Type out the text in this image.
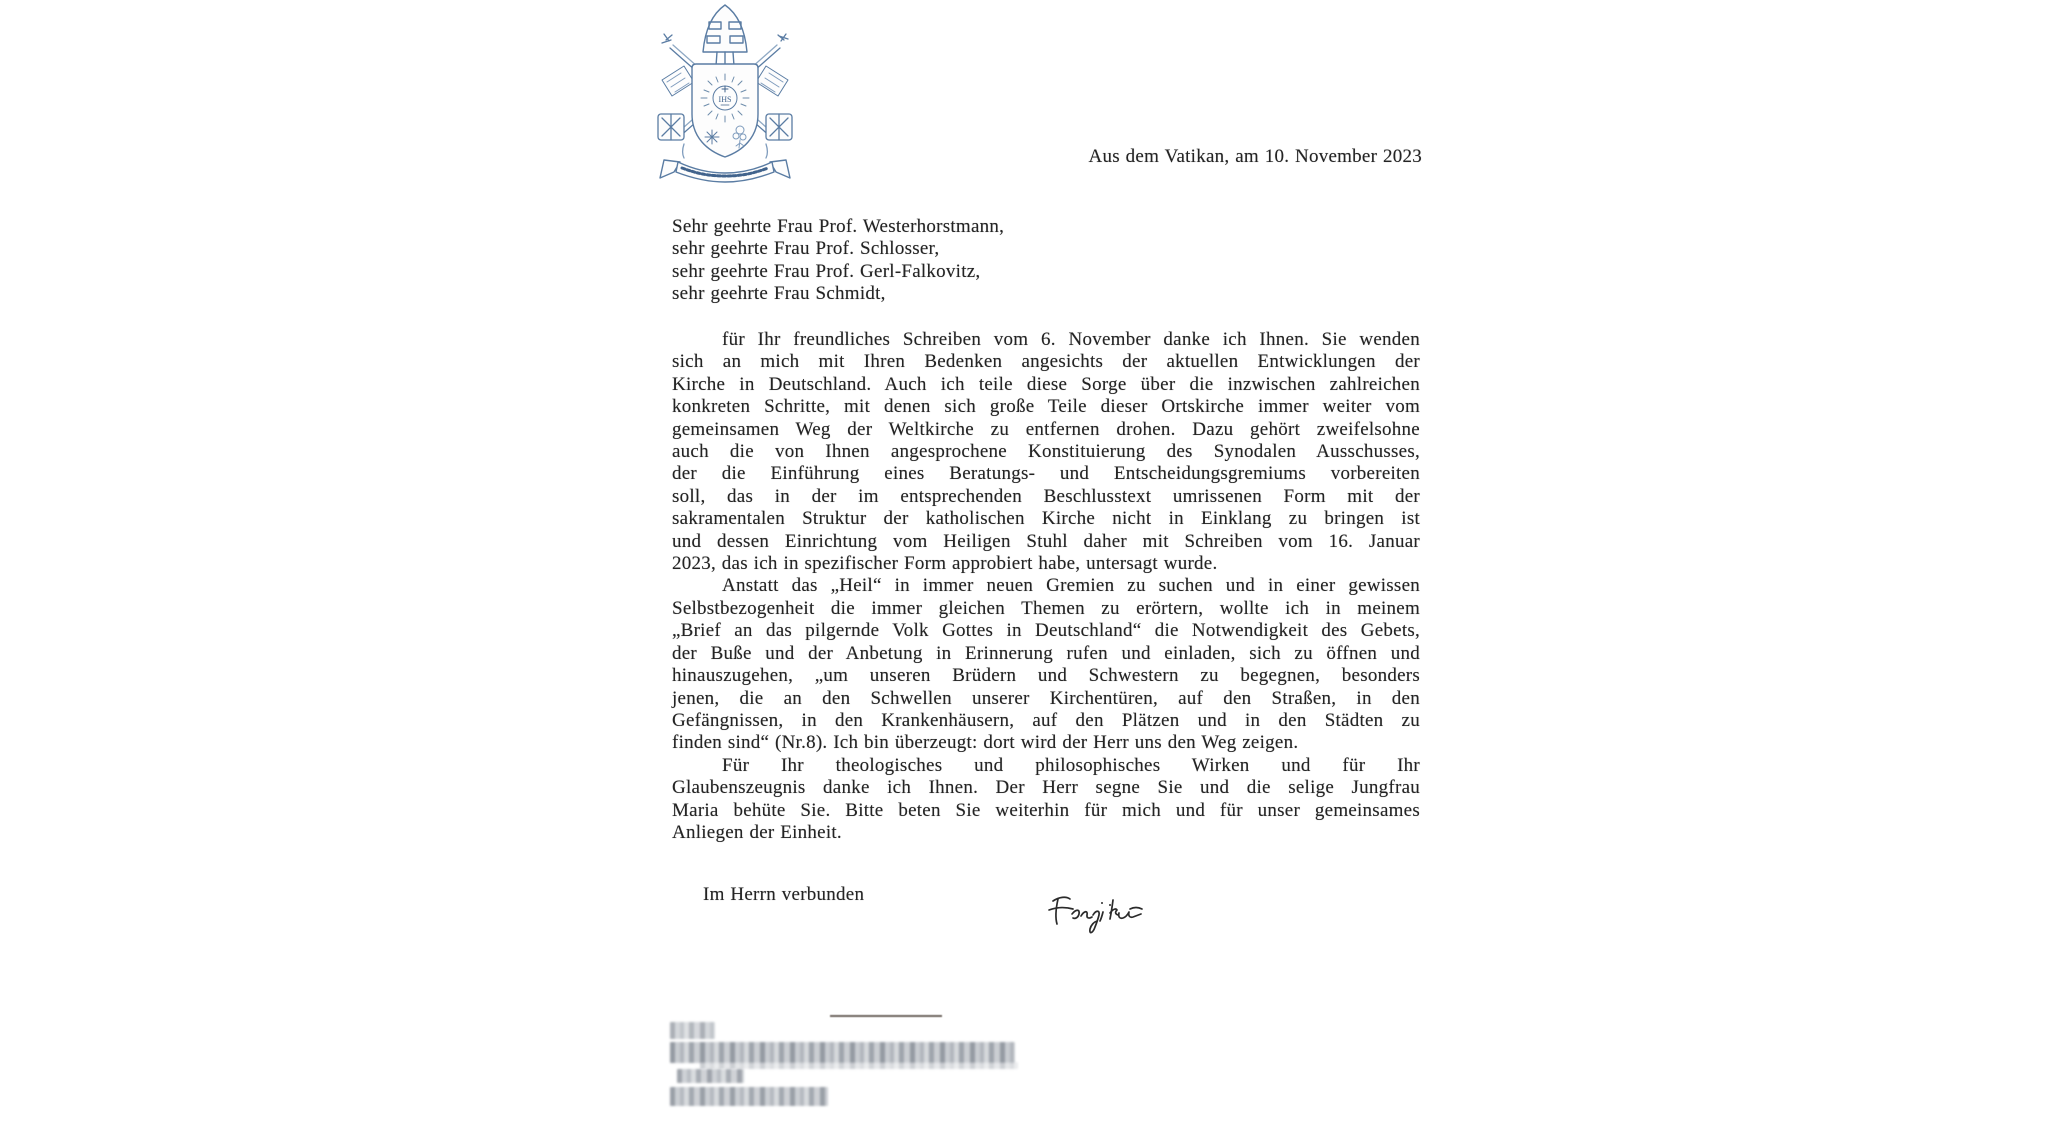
IHS
Aus dem Vatikan, am 10. November 2023
Sehr geehrte Frau Prof. Westerhorstmann,
sehr geehrte Frau Prof. Schlosser,
sehr geehrte Frau Prof. Gerl-Falkovitz,
sehr geehrte Frau Schmidt,
für Ihr freundliches Schreiben vom 6. November danke ich Ihnen. Sie wenden
sich an mich mit Ihren Bedenken angesichts der aktuellen Entwicklungen der
Kirche in Deutschland. Auch ich teile diese Sorge über die inzwischen zahlreichen
konkreten Schritte, mit denen sich große Teile dieser Ortskirche immer weiter vom
gemeinsamen Weg der Weltkirche zu entfernen drohen. Dazu gehört zweifelsohne
auch die von Ihnen angesprochene Konstituierung des Synodalen Ausschusses,
der die Einführung eines Beratungs- und Entscheidungsgremiums vorbereiten
soll, das in der im entsprechenden Beschlusstext umrissenen Form mit der
sakramentalen Struktur der katholischen Kirche nicht in Einklang zu bringen ist
und dessen Einrichtung vom Heiligen Stuhl daher mit Schreiben vom 16. Januar
2023, das ich in spezifischer Form approbiert habe, untersagt wurde.
Anstatt das „Heil“ in immer neuen Gremien zu suchen und in einer gewissen
Selbstbezogenheit die immer gleichen Themen zu erörtern, wollte ich in meinem
„Brief an das pilgernde Volk Gottes in Deutschland“ die Notwendigkeit des Gebets,
der Buße und der Anbetung in Erinnerung rufen und einladen, sich zu öffnen und
hinauszugehen, „um unseren Brüdern und Schwestern zu begegnen, besonders
jenen, die an den Schwellen unserer Kirchentüren, auf den Straßen, in den
Gefängnissen, in den Krankenhäusern, auf den Plätzen und in den Städten zu
finden sind“ (Nr.8). Ich bin überzeugt: dort wird der Herr uns den Weg zeigen.
Für Ihr theologisches und philosophisches Wirken und für Ihr
Glaubenszeugnis danke ich Ihnen. Der Herr segne Sie und die selige Jungfrau
Maria behüte Sie. Bitte beten Sie weiterhin für mich und für unser gemeinsames
Anliegen der Einheit.
Im Herrn verbunden
